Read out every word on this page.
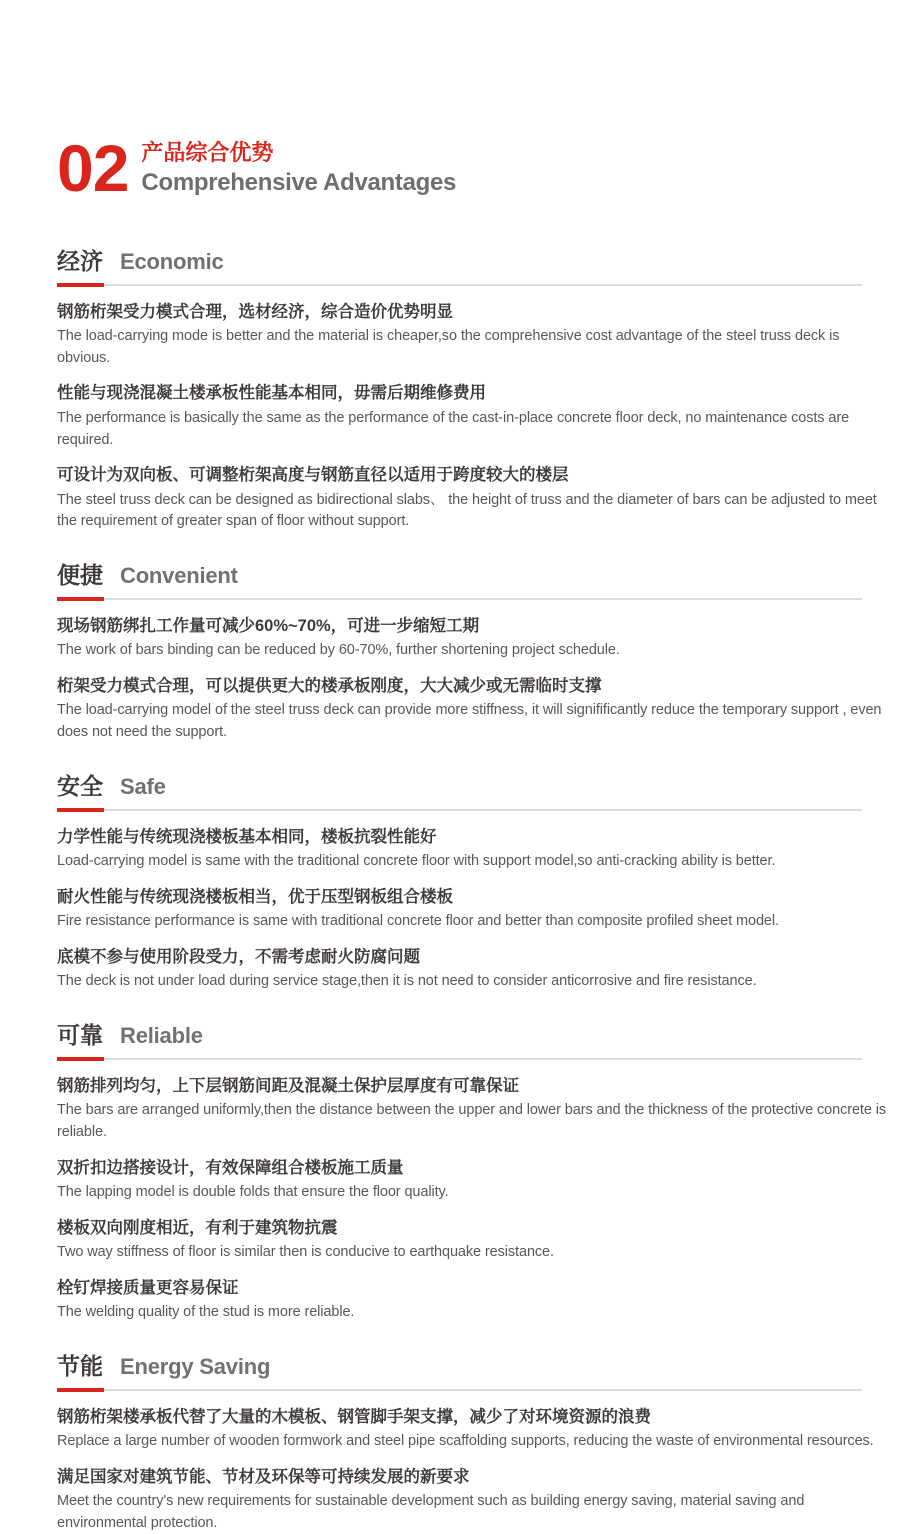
02 产品综合优势
Comprehensive Advantages
经济 Economic

钢筋桁架受力模式合理，选材经济，综合造价优势明显

The load-carrying mode is better and the material is cheaper,so the comprehensive cost advantage of the steel truss deck is obvious.

性能与现浇混凝土楼承板性能基本相同，毋需后期维修费用

The performance is basically the same as the performance of the cast-in-place concrete floor deck, no maintenance costs are required.

可设计为双向板、可调整桁架高度与钢筋直径以适用于跨度较大的楼层

The steel truss deck can be designed as bidirectional slabs、 the height of truss and the diameter of bars can be adjusted to meet the requirement of greater span of floor without support.

便捷 Convenient

现场钢筋绑扎工作量可减少60%~70%，可进一步缩短工期

The work of bars binding can be reduced by 60-70%, further shortening project schedule.

桁架受力模式合理，可以提供更大的楼承板刚度，大大减少或无需临时支撑

The load-carrying model of the steel truss deck can provide more stiffness, it will signifificantly reduce the temporary support , even does not need the support.

安全 Safe

力学性能与传统现浇楼板基本相同，楼板抗裂性能好

Load-carrying model is same with the traditional concrete floor with support model,so anti-cracking ability is better.

耐火性能与传统现浇楼板相当，优于压型钢板组合楼板

Fire resistance performance is same with traditional concrete floor and better than composite profiled sheet model.

底模不参与使用阶段受力，不需考虑耐火防腐问题

The deck is not under load during service stage,then it is not need to consider anticorrosive and fire resistance.

可靠 Reliable

钢筋排列均匀，上下层钢筋间距及混凝土保护层厚度有可靠保证

The bars are arranged uniformly,then the distance between the upper and lower bars and the thickness of the protective concrete is reliable.

双折扣边搭接设计，有效保障组合楼板施工质量

The lapping model is double folds that ensure the floor quality.

楼板双向刚度相近，有利于建筑物抗震

Two way stiffness of floor is similar then is conducive to earthquake resistance.

栓钉焊接质量更容易保证

The welding quality of the stud is more reliable.

节能 Energy Saving

钢筋桁架楼承板代替了大量的木模板、钢管脚手架支撑，减少了对环境资源的浪费

Replace a large number of wooden formwork and steel pipe scaffolding supports, reducing the waste of environmental resources.

满足国家对建筑节能、节材及环保等可持续发展的新要求

Meet the country's new requirements for sustainable development such as building energy saving, material saving and environmental protection.
